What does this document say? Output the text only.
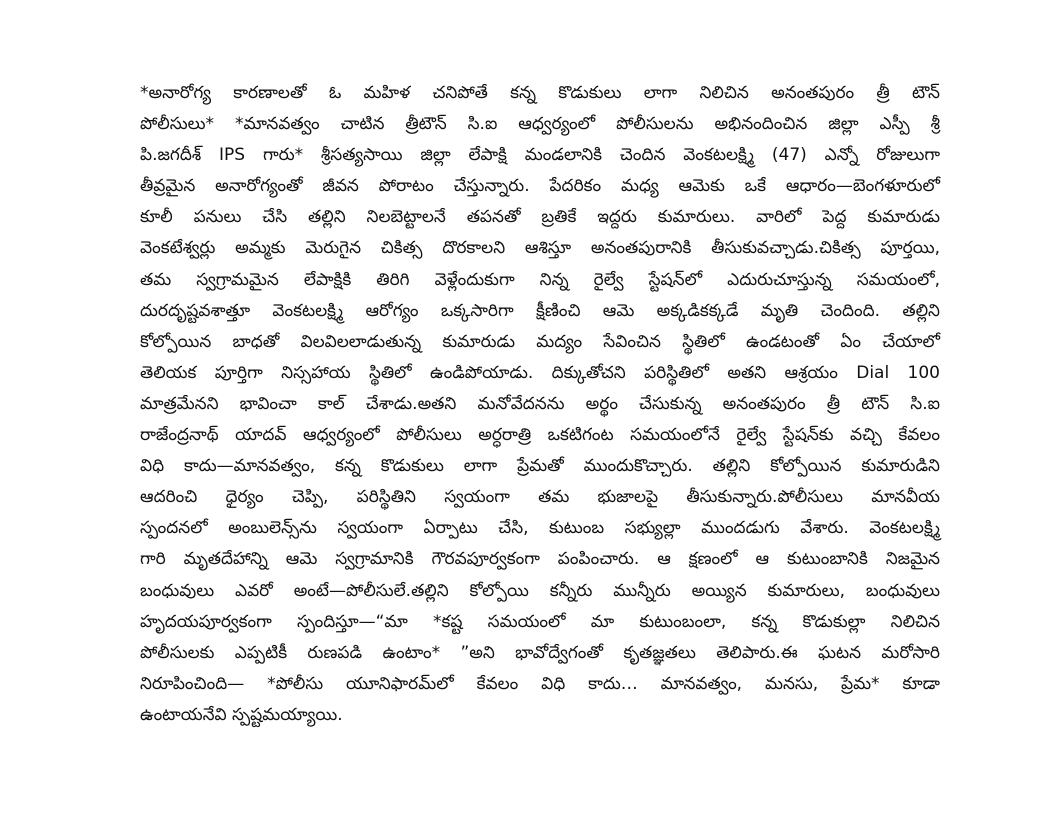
*అనారోగ్య కారణాలతో ఓ మహిళ చనిపోతే కన్న కొడుకులు లాగా నిలిచిన అనంతపురం త్రీ టౌన్
పోలీసులు* *మానవత్వం చాటిన త్రీటౌన్ సి.ఐ ఆధ్వర్యంలో పోలీసులను అభినందించిన జిల్లా ఎస్పీ శ్రీ
పి.జగదీశ్ IPS గారు* శ్రీసత్యసాయి జిల్లా లేపాక్షి మండలానికి చెందిన వెంకటలక్ష్మి (47) ఎన్నో రోజులుగా
తీవ్రమైన అనారోగ్యంతో జీవన పోరాటం చేస్తున్నారు. పేదరికం మధ్య ఆమెకు ఒకే ఆధారం—బెంగళూరులో
కూలీ పనులు చేసి తల్లిని నిలబెట్టాలనే తపనతో బ్రతికే ఇద్దరు కుమారులు. వారిలో పెద్ద కుమారుడు
వెంకటేశ్వర్లు అమ్మకు మెరుగైన చికిత్స దొరకాలని ఆశిస్తూ అనంతపురానికి తీసుకువచ్చాడు.చికిత్స పూర్తయి,
తమ స్వగ్రామమైన లేపాక్షికి తిరిగి వెళ్లేందుకుగా నిన్న రైల్వే స్టేషన్‌లో ఎదురుచూస్తున్న సమయంలో,
దురదృష్టవశాత్తూ వెంకటలక్ష్మి ఆరోగ్యం ఒక్కసారిగా క్షీణించి ఆమె అక్కడికక్కడే మృతి చెందింది. తల్లిని
కోల్పోయిన బాధతో విలవిలలాడుతున్న కుమారుడు మద్యం సేవించిన స్థితిలో ఉండటంతో ఏం చేయాలో
తెలియక పూర్తిగా నిస్సహాయ స్థితిలో ఉండిపోయాడు. దిక్కుతోచని పరిస్థితిలో అతని ఆశ్రయం Dial 100
మాత్రమేనని భావించా కాల్ చేశాడు.అతని మనోవేదనను అర్థం చేసుకున్న అనంతపురం త్రీ టౌన్ సి.ఐ
రాజేంద్రనాథ్ యాదవ్ ఆధ్వర్యంలో పోలీసులు అర్ధరాత్రి ఒకటిగంట సమయంలోనే రైల్వే స్టేషన్‌కు వచ్చి కేవలం
విధి కాదు—మానవత్వం, కన్న కొడుకులు లాగా ప్రేమతో ముందుకొచ్చారు. తల్లిని కోల్పోయిన కుమారుడిని
ఆదరించి ధైర్యం చెప్పి, పరిస్థితిని స్వయంగా తమ భుజాలపై తీసుకున్నారు.పోలీసులు మానవీయ
స్పందనలో అంబులెన్స్‌ను స్వయంగా ఏర్పాటు చేసి, కుటుంబ సభ్యుల్లా ముందడుగు వేశారు. వెంకటలక్ష్మి
గారి మృతదేహాన్ని ఆమె స్వగ్రామానికి గౌరవపూర్వకంగా పంపించారు. ఆ క్షణంలో ఆ కుటుంబానికి నిజమైన
బంధువులు ఎవరో అంటే—పోలీసులే.తల్లిని కోల్పోయి కన్నీరు మున్నీరు అయ్యిన కుమారులు, బంధువులు
హృదయపూర్వకంగా స్పందిస్తూ—“మా *కష్ట సమయంలో మా కుటుంబంలా, కన్న కొడుకుల్లా నిలిచిన
పోలీసులకు ఎప్పటికీ రుణపడి ఉంటాం* ”అని భావోద్వేగంతో కృతజ్ఞతలు తెలిపారు.ఈ ఘటన మరోసారి
నిరూపించింది— *పోలీసు యూనిఫారమ్‌లో కేవలం విధి కాదు… మానవత్వం, మనసు, ప్రేమ* కూడా
ఉంటాయనేవి స్పష్టమయ్యాయి.
